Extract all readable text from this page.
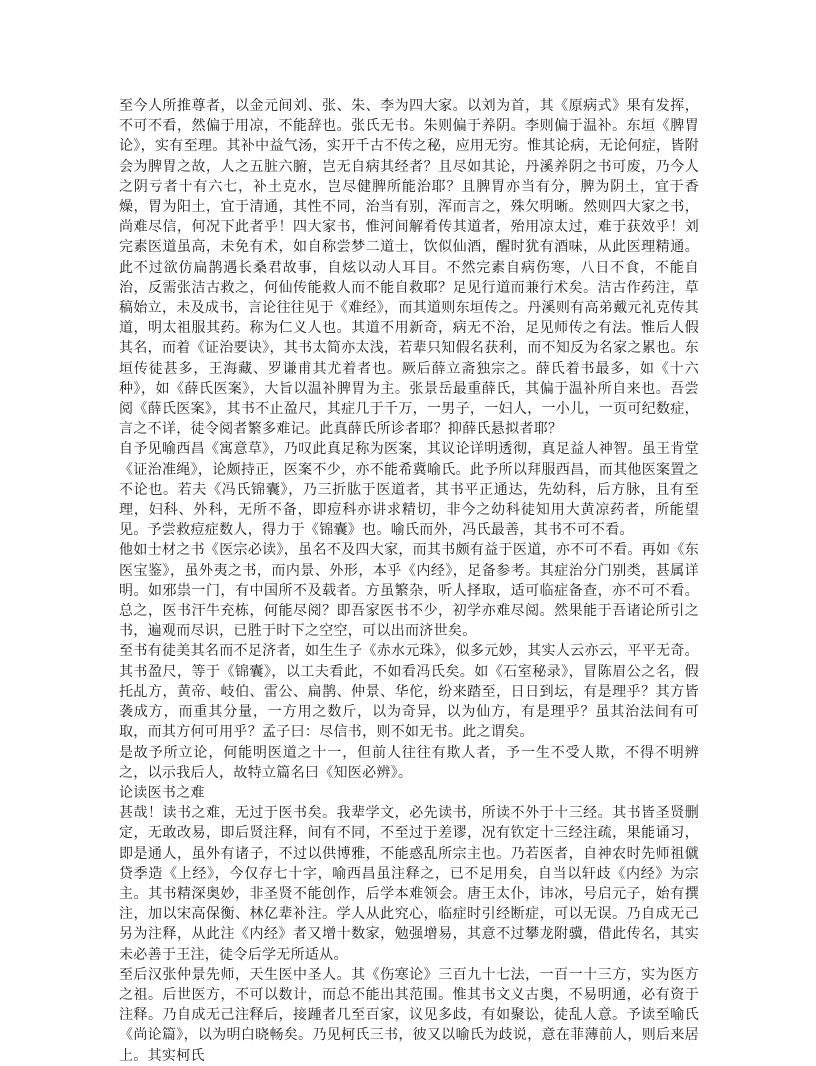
至今人所推尊者，以金元间刘、张、朱、李为四大家。以刘为首，其《原病式》果有发挥，不可不看，然偏于用凉，不能辞也。张氏无书。朱则偏于养阴。李则偏于温补。东垣《脾胃论》，实有至理。其补中益气汤，实开千古不传之秘，应用无穷。惟其论病，无论何症，皆附会为脾胃之故，人之五脏六腑，岂无自病其经者？且尽如其论，丹溪养阴之书可废，乃今人之阴亏者十有六七，补土克水，岂尽健脾所能治耶？且脾胃亦当有分，脾为阴土，宜于香燥，胃为阳土，宜于清通，其性不同，治当有别，浑而言之，殊欠明晰。然则四大家之书，尚难尽信，何况下此者乎！四大家书，惟河间解肴传其道者，殆用凉太过，难于获效乎！刘完素医道虽高，未免有术，如自称尝梦二道士，饮似仙酒，醒时犹有酒味，从此医理精通。此不过欲仿扁鹊遇长桑君故事，自炫以动人耳目。不然完素自病伤寒，八日不食，不能自治，反需张洁古救之，何仙传能救人而不能自救耶？足见行道而兼行术矣。洁古作药注，草稿始立，未及成书，言论往往见于《难经》，而其道则东垣传之。丹溪则有高弟戴元礼克传其道，明太祖服其药。称为仁义人也。其道不用新奇，病无不治，足见师传之有法。惟后人假其名，而着《证治要诀》，其书太简亦太浅，若辈只知假名获利，而不知反为名家之累也。东垣传徒甚多，王海藏、罗谦甫其尤着者也。厥后薛立斋独宗之。薛氏着书最多，如《十六种》，如《薛氏医案》，大旨以温补脾胃为主。张景岳最重薛氏，其偏于温补所自来也。吾尝阅《薛氏医案》，其书不止盈尺，其症几于千万，一男子，一妇人，一小儿，一页可纪数症，言之不详，徒令阅者繁多难记。此真薛氏所诊者耶？抑薛氏悬拟者耶？

自予见喻西昌《寓意草》，乃叹此真足称为医案，其议论详明透彻，真足益人神智。虽王肯堂《证治准绳》，论颇持正，医案不少，亦不能希冀喻氏。此予所以拜服西昌，而其他医案置之不论也。若夫《冯氏锦囊》，乃三折肱于医道者，其书平正通达，先幼科，后方脉，且有至理，妇科、外科，无所不备，即痘科亦讲求精切，非今之幼科徒知用大黄凉药者，所能望见。予尝救痘症数人，得力于《锦囊》也。喻氏而外，冯氏最善，其书不可不看。

他如士材之书《医宗必读》，虽名不及四大家，而其书颇有益于医道，亦不可不看。再如《东医宝鉴》，虽外夷之书，而内景、外形，本乎《内经》，足备参考。其症治分门别类，甚属详明。如邪祟一门，有中国所不及载者。方虽繁杂，听人择取，适可临症备查，亦不可不看。总之，医书汗牛充栋，何能尽阅？即吾家医书不少，初学亦难尽阅。然果能于吾诸论所引之书，遍观而尽识，已胜于时下之空空，可以出而济世矣。

至书有徒美其名而不足济者，如生生子《赤水元珠》，似多元妙，其实人云亦云，平平无奇。其书盈尺，等于《锦囊》，以工夫看此，不如看冯氏矣。如《石室秘录》，冒陈眉公之名，假托乩方，黄帝、岐伯、雷公、扁鹊、仲景、华佗，纷来踏至，日日到坛，有是理乎？其方皆袭成方，而重其分量，一方用之数斤，以为奇异，以为仙方，有是理乎？虽其治法间有可取，而其方何可用乎？孟子曰：尽信书，则不如无书。此之谓矣。

是故予所立论，何能明医道之十一，但前人往往有欺人者，予一生不受人欺，不得不明辨之，以示我后人，故特立篇名曰《知医必辨》。

论读医书之难

甚哉！读书之难，无过于医书矣。我辈学文，必先读书，所读不外于十三经。其书皆圣贤删定，无敢改易，即后贤注释，间有不同，不至过于差谬，况有钦定十三经注疏，果能诵习，即是通人，虽外有诸子，不过以供博雅，不能惑乱所宗主也。乃若医者，自神农时先师祖僦贷季造《上经》，今仅存七十字，喻西昌虽注释之，已不足用矣，自当以轩歧《内经》为宗主。其书精深奥妙，非圣贤不能创作，后学本难领会。唐王太仆，讳冰，号启元子，始有撰注，加以宋高保衡、林亿辈补注。学人从此究心，临症时引经断症，可以无误。乃自成无己另为注释，从此注《内经》者又增十数家，勉强增易，其意不过攀龙附骥，借此传名，其实未必善于王注，徒令后学无所适从。

至后汉张仲景先师，天生医中圣人。其《伤寒论》三百九十七法，一百一十三方，实为医方之祖。后世医方，不可以数计，而总不能出其范围。惟其书文义古奥，不易明通，必有资于注释。乃自成无己注释后，接踵者几至百家，议见多歧，有如聚讼，徒乱人意。予读至喻氏《尚论篇》，以为明白晓畅矣。乃见柯氏三书，彼又以喻氏为歧说，意在菲薄前人，则后来居上。其实柯氏
